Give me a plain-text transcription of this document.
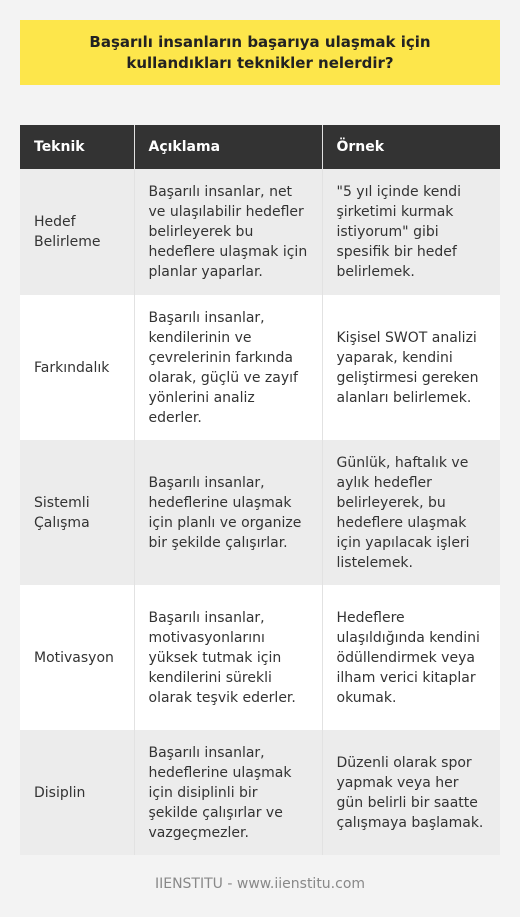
Başarılı insanların başarıya ulaşmak için kullandıkları teknikler nelerdir?
Teknik	Açıklama	Örnek
Hedef Belirleme	Başarılı insanlar, net ve ulaşılabilir hedefler belirleyerek bu hedeflere ulaşmak için planlar yaparlar.	"5 yıl içinde kendi şirketimi kurmak istiyorum" gibi spesifik bir hedef belirlemek.
Farkındalık	Başarılı insanlar, kendilerinin ve çevrelerinin farkında olarak, güçlü ve zayıf yönlerini analiz ederler.	Kişisel SWOT analizi yaparak, kendini geliştirmesi gereken alanları belirlemek.
Sistemli Çalışma	Başarılı insanlar, hedeflerine ulaşmak için planlı ve organize bir şekilde çalışırlar.	Günlük, haftalık ve aylık hedefler belirleyerek, bu hedeflere ulaşmak için yapılacak işleri listelemek.
Motivasyon	Başarılı insanlar, motivasyonlarını yüksek tutmak için kendilerini sürekli olarak teşvik ederler.	Hedeflere ulaşıldığında kendini ödüllendirmek veya ilham verici kitaplar okumak.
Disiplin	Başarılı insanlar, hedeflerine ulaşmak için disiplinli bir şekilde çalışırlar ve vazgeçmezler.	Düzenli olarak spor yapmak veya her gün belirli bir saatte çalışmaya başlamak.
IIENSTITU - www.iienstitu.com
